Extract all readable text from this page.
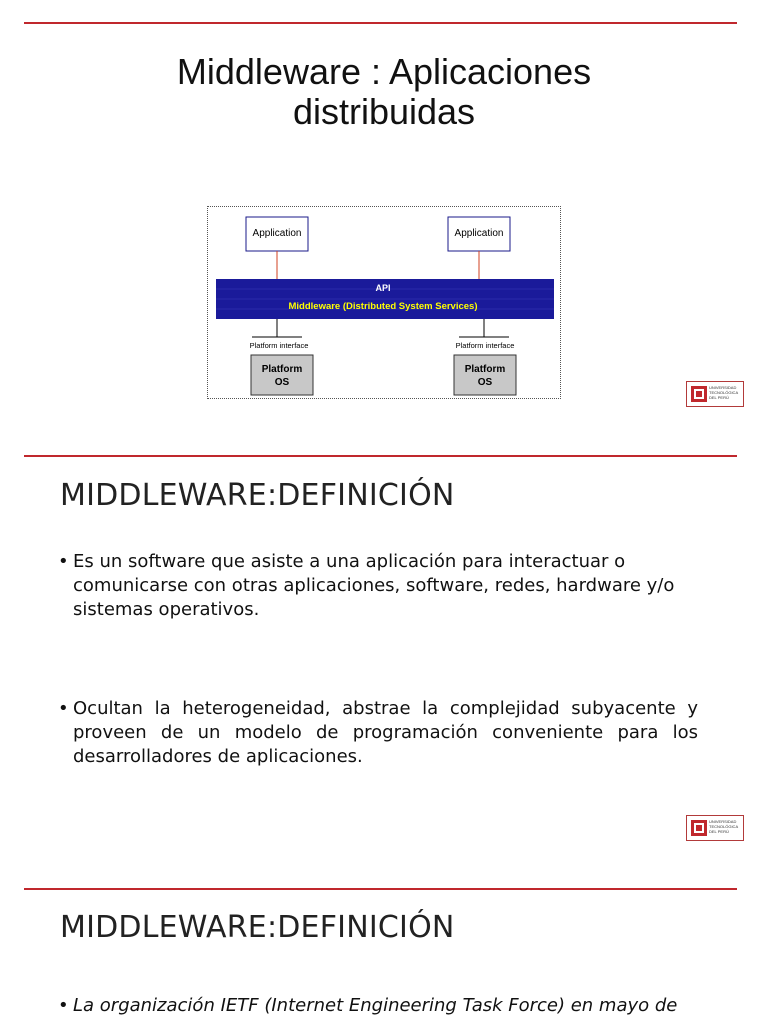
Middleware : Aplicaciones
distribuidas
Application	Application
API
Middleware (Distributed System Services)
Platform interface	Platform interface
Platform
OS
Platform
OS	UNIVERSIDAD
TECNOLÓGICA
DEL PERÚ
MIDDLEWARE:DEFINICIÓN
• Es un software que asiste a una aplicación para interactuar o comunicarse con otras aplicaciones, software, redes, hardware y/o sistemas operativos.
• Ocultan la heterogeneidad, abstrae la complejidad subyacente y proveen de un modelo de programación conveniente para los desarrolladores de aplicaciones.
UNIVERSIDAD
TECNOLÓGICA
DEL PERÚ
MIDDLEWARE:DEFINICIÓN
• La organización IETF (Internet Engineering Task Force) en mayo de
